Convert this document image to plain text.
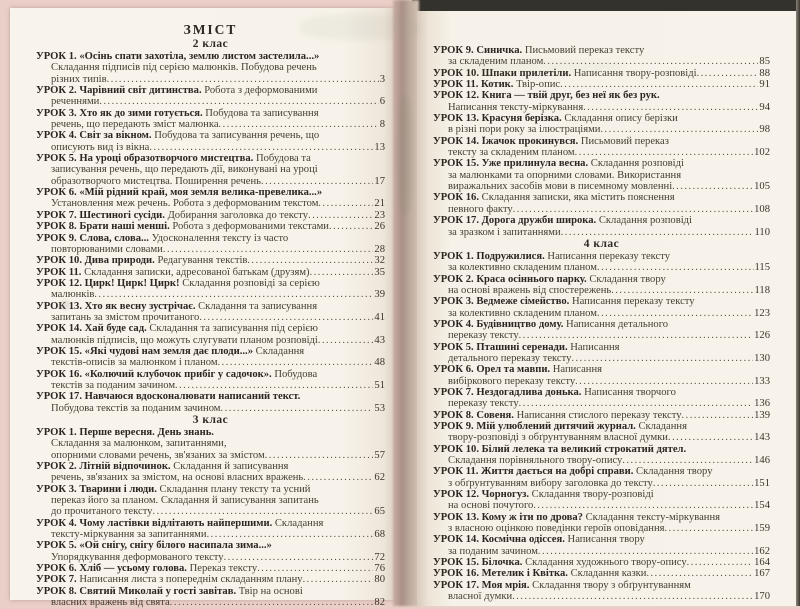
ЗМІСТ
2 клас
УРОК 1. «Осінь спати захотіла, землю листом застелила...»
Складання підписів під серією малюнків. Побудова речень
різних типів .....	3
УРОК 2. Чарівний світ дитинства. Робота з деформованими
реченнями .....	6
УРОК 3. Хто як до зими готується. Побудова та записування
речень, що передають зміст малюнка .....	8
УРОК 4. Світ за вікном. Побудова та записування речень, що
описують вид із вікна .....	13
УРОК 5. На уроці образотворчого мистецтва. Побудова та
записування речень, що передають дії, виконувані на уроці
образотворчого мистецтва. Поширення речень .....	17
УРОК 6. «Мій рідний край, моя земля велика-превелика...»
Установлення меж речень. Робота з деформованим текстом .....	21
УРОК 7. Шестиногі сусіди. Добирання заголовка до тексту .....	23
УРОК 8. Брати наші менші. Робота з деформованими текстами .....	26
УРОК 9. Слова, слова... Удосконалення тексту із часто
повторюваними словами .....	28
УРОК 10. Дива природи. Редагування текстів .....	32
УРОК 11. Складання записки, адресованої батькам (друзям) .....	35
УРОК 12. Цирк! Цирк! Цирк! Складання розповіді за серією
малюнків .....	39
УРОК 13. Хто як весну зустрічає. Складання та записування
запитань за змістом прочитаного .....	41
УРОК 14. Хай буде сад. Складання та записування під серією
малюнків підписів, що можуть слугувати планом розповіді .....	43
УРОК 15. «Які чудові нам земля дає плоди...» Складання
текстів-описів за малюнком і планом .....	48
УРОК 16. «Колючий клубочок прибіг у садочок». Побудова
текстів за поданим зачином .....	51
УРОК 17. Навчаюся вдосконалювати написаний текст.
Побудова текстів за поданим зачином .....	53
3 клас
УРОК 1. Перше вересня. День знань.
Складання за малюнком, запитаннями,
опорними словами речень, зв'язаних за змістом .....	57
УРОК 2. Літній відпочинок. Складання й записування
речень, зв'язаних за змістом, на основі власних вражень .....	62
УРОК 3. Тварини і люди. Складання плану тексту та усний
переказ його за планом. Складання й записування запитань
до прочитаного тексту .....	65
УРОК 4. Чому ластівки відлітають найпершими. Складання
тексту-міркування за запитаннями .....	68
УРОК 5. «Ой снігу, снігу білого насипала зима...»
Упорядкування деформованого тексту .....	72
УРОК 6. Хліб — усьому голова. Переказ тексту .....	76
УРОК 7. Написання листа з попереднім складанням плану .....	80
УРОК 8. Святий Миколай у гості завітав. Твір на основі
власних вражень від свята .....	82
УРОК 9. Синичка. Письмовий переказ тексту
за складеним планом .....	85
УРОК 10. Шпаки прилетіли. Написання твору-розповіді .....	88
УРОК 11. Котик. Твір-опис .....	91
УРОК 12. Книга — твій друг, без неї як без рук.
Написання тексту-міркування .....	94
УРОК 13. Красуня берізка. Складання опису берізки
в різні пори року за ілюстраціями .....	98
УРОК 14. Їжачок прокинувся. Письмовий переказ
тексту за складеним планом .....	102
УРОК 15. Уже прилинула весна. Складання розповіді
за малюнками та опорними словами. Використання
виражальних засобів мови в писемному мовленні .....	105
УРОК 16. Складання записки, яка містить пояснення
певного факту .....	108
УРОК 17. Дорога дружби широка. Складання розповіді
за зразком і запитаннями .....	110
4 клас
УРОК 1. Подружилися. Написання переказу тексту
за колективно складеним планом .....	115
УРОК 2. Краса осіннього парку. Складання твору
на основі вражень від спостережень .....	118
УРОК 3. Ведмеже сімейство. Написання переказу тексту
за колективно складеним планом .....	123
УРОК 4. Будівництво дому. Написання детального
переказу тексту .....	126
УРОК 5. Пташині серенади. Написання
детального переказу тексту .....	130
УРОК 6. Орел та мавпи. Написання
вибіркового переказу тексту .....	133
УРОК 7. Нездогадлива донька. Написання творчого
переказу тексту .....	136
УРОК 8. Совеня. Написання стислого переказу тексту .....	139
УРОК 9. Мій улюблений дитячий журнал. Складання
твору-розповіді з обґрунтуванням власної думки .....	143
УРОК 10. Білий лелека та великий строкатий дятел.
Складання порівняльного твору-опису .....	146
УРОК 11. Життя дається на добрі справи. Складання твору
з обґрунтуванням вибору заголовка до тексту .....	151
УРОК 12. Чорногуз. Складання твору-розповіді
на основі почутого .....	154
УРОК 13. Кому ж іти по дрова? Складання тексту-міркування
з власною оцінкою поведінки героїв оповідання .....	159
УРОК 14. Космічна одіссея. Написання твору
за поданим зачином .....	162
УРОК 15. Білочка. Складання художнього твору-опису .....	164
УРОК 16. Метелик і Квітка. Складання казки .....	167
УРОК 17. Моя мрія. Складання твору з обґрунтуванням
власної думки .....	170
